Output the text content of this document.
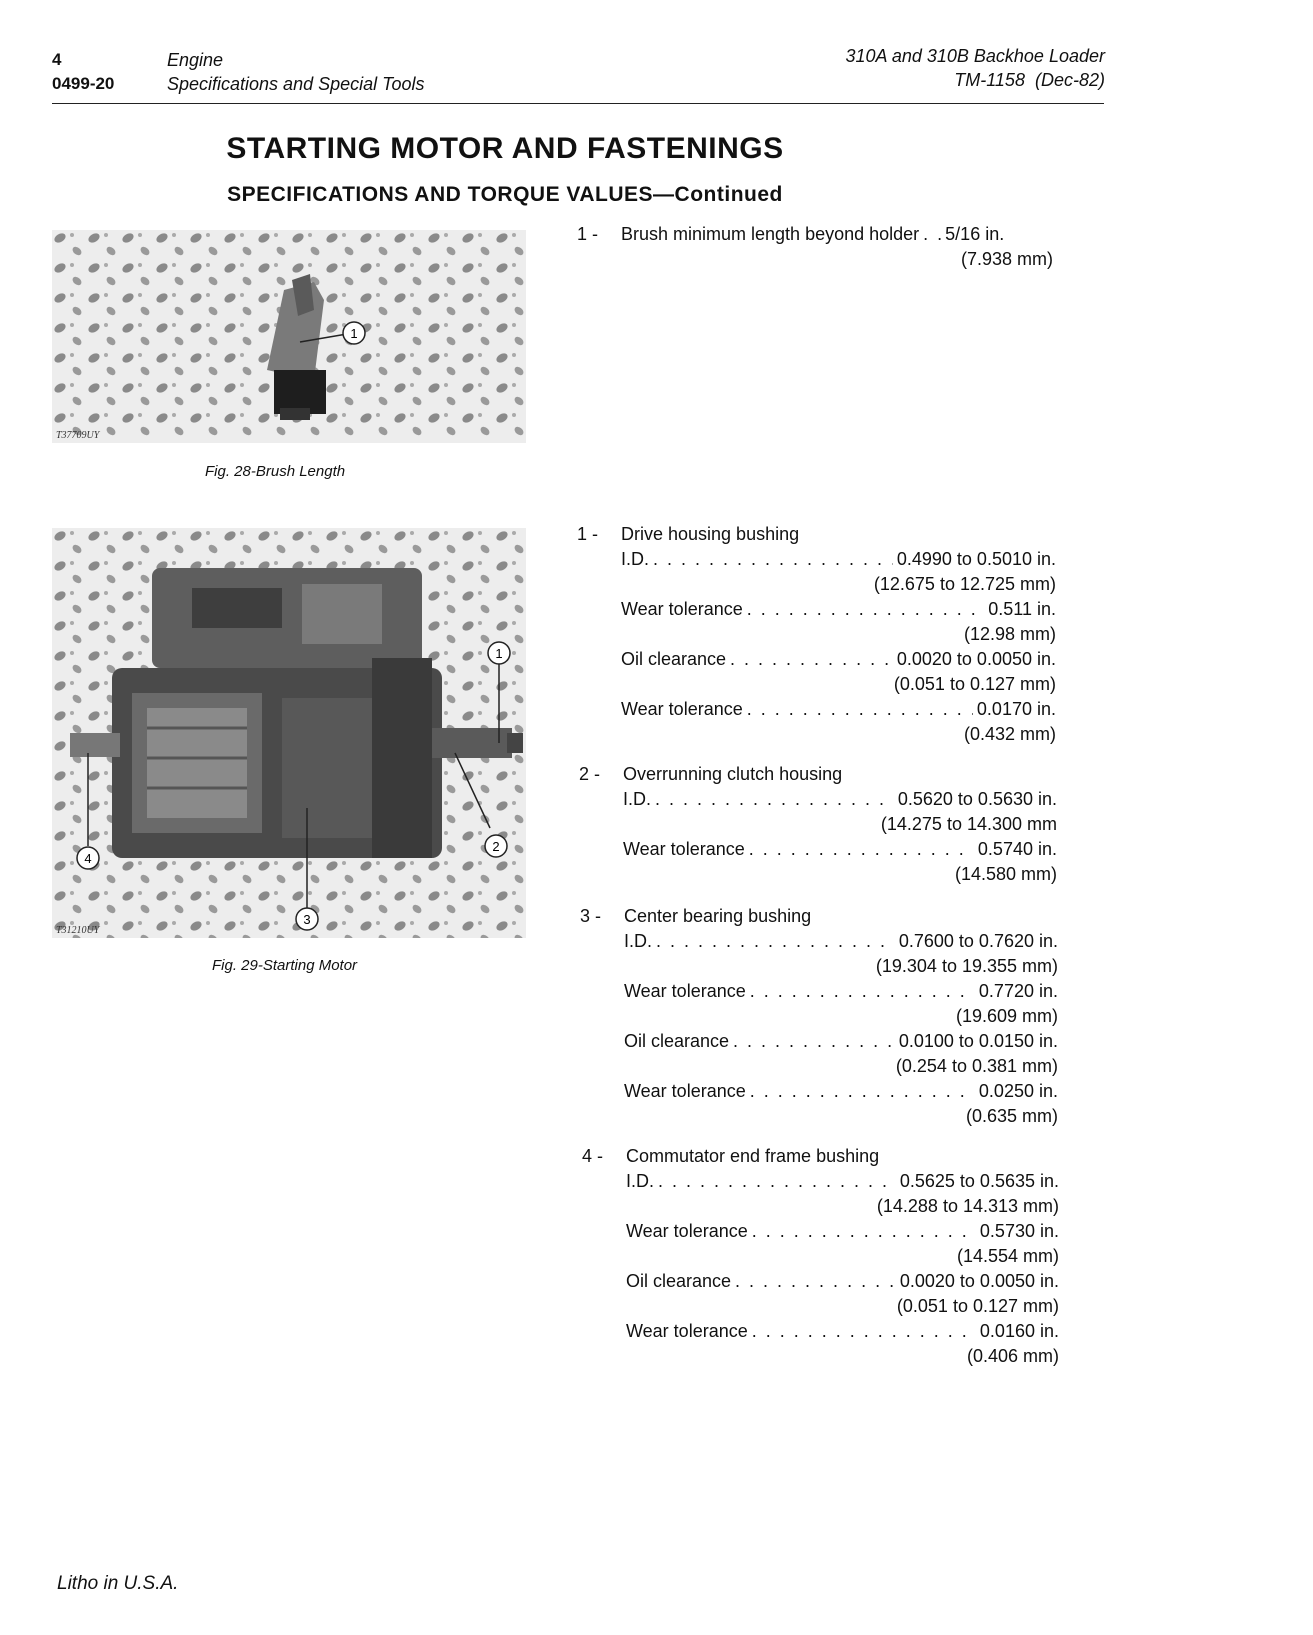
4
0499-20
Engine
Specifications and Special Tools
310A and 310B Backhoe Loader
TM-1158 (Dec-82)
STARTING MOTOR AND FASTENINGS
SPECIFICATIONS AND TORQUE VALUES—Continued
1
T37709UY
Fig. 28-Brush Length
1
2
3
4
T31210UY
Fig. 29-Starting Motor
1 - Brush minimum length beyond holder . . . 5/16 in.
(7.938 mm)
1 - Drive housing bushing
I.D. . . .	0.4990 to 0.5010 in.
(12.675 to 12.725 mm)
Wear tolerance . . .	0.511 in.
(12.98 mm)
Oil clearance . . .	0.0020 to 0.0050 in.
(0.051 to 0.127 mm)
Wear tolerance . . .	0.0170 in.
(0.432 mm)
2 - Overrunning clutch housing
I.D. . . .	0.5620 to 0.5630 in.
(14.275 to 14.300 mm
Wear tolerance . . .	0.5740 in.
(14.580 mm)
3 - Center bearing bushing
I.D. . . .	0.7600 to 0.7620 in.
(19.304 to 19.355 mm)
Wear tolerance . . .	0.7720 in.
(19.609 mm)
Oil clearance . . .	0.0100 to 0.0150 in.
(0.254 to 0.381 mm)
Wear tolerance . . .	0.0250 in.
(0.635 mm)
4 - Commutator end frame bushing
I.D. . . .	0.5625 to 0.5635 in.
(14.288 to 14.313 mm)
Wear tolerance . . .	0.5730 in.
(14.554 mm)
Oil clearance . . .	0.0020 to 0.0050 in.
(0.051 to 0.127 mm)
Wear tolerance . . .	0.0160 in.
(0.406 mm)
Litho in U.S.A.
